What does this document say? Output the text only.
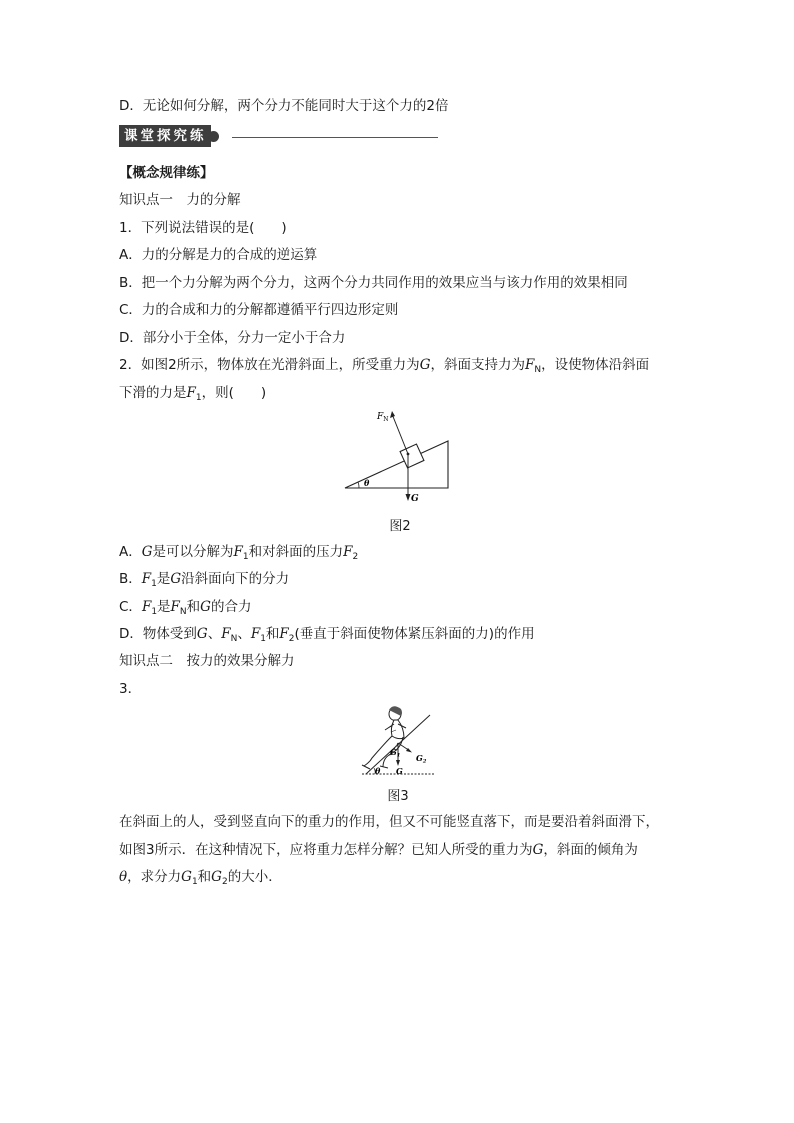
D．无论如何分解，两个分力不能同时大于这个力的2倍
课堂探究练
【概念规律练】
知识点一　力的分解
1．下列说法错误的是(　　)
A．力的分解是力的合成的逆运算
B．把一个力分解为两个分力，这两个分力共同作用的效果应当与该力作用的效果相同
C．力的合成和力的分解都遵循平行四边形定则
D．部分小于全体，分力一定小于合力
2．如图2所示，物体放在光滑斜面上，所受重力为G，斜面支持力为$F_N$，设使物体沿斜面
下滑的力是$F_1$，则(　　)
$F_N$
θ
G
图2
A．G是可以分解为$F_1$和对斜面的压力$F_2$
B．$F_1$是G沿斜面向下的分力
C．$F_1$是$F_N$和G的合力
D．物体受到G、$F_N$、$F_1$和$F_2$(垂直于斜面使物体紧压斜面的力)的作用
知识点二　按力的效果分解力
3．
G1 G2
G
θ
图3
在斜面上的人，受到竖直向下的重力的作用，但又不可能竖直落下，而是要沿着斜面滑下，
如图3所示．在这种情况下，应将重力怎样分解？已知人所受的重力为G，斜面的倾角为
θ，求分力$G_1$和$G_2$的大小．
